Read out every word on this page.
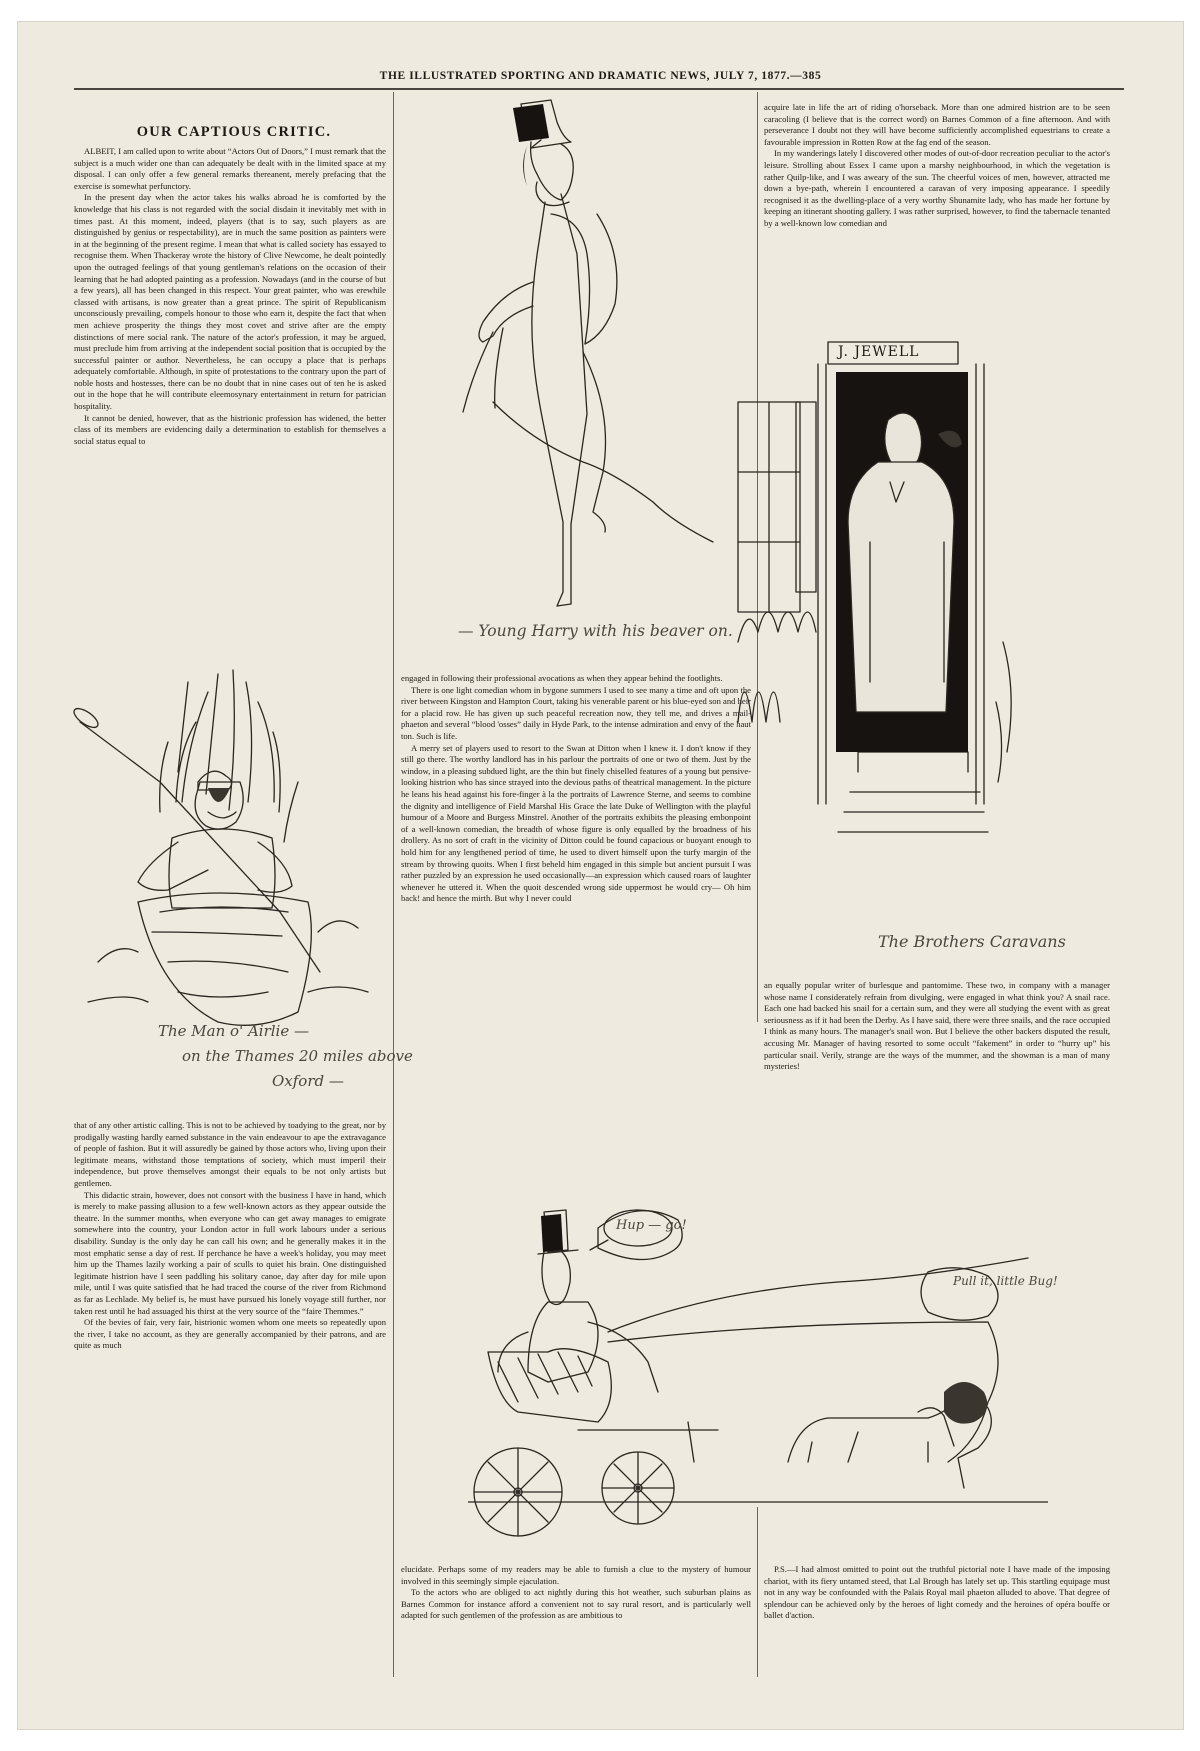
THE ILLUSTRATED SPORTING AND DRAMATIC NEWS, JULY 7, 1877.—385
OUR CAPTIOUS CRITIC.

ALBEIT, I am called upon to write about “Actors Out of Doors,” I must remark that the subject is a much wider one than can adequately be dealt with in the limited space at my disposal. I can only offer a few general remarks thereanent, merely prefacing that the exercise is somewhat perfunctory.

In the present day when the actor takes his walks abroad he is comforted by the knowledge that his class is not regarded with the social disdain it inevitably met with in times past. At this moment, indeed, players (that is to say, such players as are distinguished by genius or respectability), are in much the same position as painters were in at the beginning of the present regime. I mean that what is called society has essayed to recognise them. When Thackeray wrote the history of Clive Newcome, he dealt pointedly upon the outraged feelings of that young gentleman's relations on the occasion of their learning that he had adopted painting as a profession. Nowadays (and in the course of but a few years), all has been changed in this respect. Your great painter, who was erewhile classed with artisans, is now greater than a great prince. The spirit of Republicanism unconsciously prevailing, compels honour to those who earn it, despite the fact that when men achieve prosperity the things they most covet and strive after are the empty distinctions of mere social rank. The nature of the actor's profession, it may be argued, must preclude him from arriving at the independent social position that is occupied by the successful painter or author. Nevertheless, he can occupy a place that is perhaps adequately comfortable. Although, in spite of protestations to the contrary upon the part of noble hosts and hostesses, there can be no doubt that in nine cases out of ten he is asked out in the hope that he will contribute eleemosynary entertainment in return for patrician hospitality.

It cannot be denied, however, that as the histrionic profession has widened, the better class of its members are evidencing daily a determination to establish for themselves a social status equal to

The Man o' Airlie —
on the Thames 20 miles above
Oxford —

that of any other artistic calling. This is not to be achieved by toadying to the great, nor by prodigally wasting hardly earned substance in the vain endeavour to ape the extravagance of people of fashion. But it will assuredly be gained by those actors who, living upon their legitimate means, withstand those temptations of society, which must imperil their independence, but prove themselves amongst their equals to be not only artists but gentlemen.

This didactic strain, however, does not consort with the business I have in hand, which is merely to make passing allusion to a few well-known actors as they appear outside the theatre. In the summer months, when everyone who can get away manages to emigrate somewhere into the country, your London actor in full work labours under a serious disability. Sunday is the only day he can call his own; and he generally makes it in the most emphatic sense a day of rest. If perchance he have a week's holiday, you may meet him up the Thames lazily working a pair of sculls to quiet his brain. One distinguished legitimate histrion have I seen paddling his solitary canoe, day after day for mile upon mile, until I was quite satisfied that he had traced the course of the river from Richmond as far as Lechlade. My belief is, he must have pursued his lonely voyage still further, nor taken rest until he had assuaged his thirst at the very source of the “faire Themmes.”

Of the bevies of fair, very fair, histrionic women whom one meets so repeatedly upon the river, I take no account, as they are generally accompanied by their patrons, and are quite as much

— Young Harry with his beaver on.

engaged in following their professional avocations as when they appear behind the footlights.

There is one light comedian whom in bygone summers I used to see many a time and oft upon the river between Kingston and Hampton Court, taking his venerable parent or his blue-eyed son and heir for a placid row. He has given up such peaceful recreation now, they tell me, and drives a mail-phaeton and several “blood 'osses” daily in Hyde Park, to the intense admiration and envy of the haut ton. Such is life.

A merry set of players used to resort to the Swan at Ditton when I knew it. I don't know if they still go there. The worthy landlord has in his parlour the portraits of one or two of them. Just by the window, in a pleasing subdued light, are the thin but finely chiselled features of a young but pensive-looking histrion who has since strayed into the devious paths of theatrical management. In the picture he leans his head against his fore-finger à la the portraits of Lawrence Sterne, and seems to combine the dignity and intelligence of Field Marshal His Grace the late Duke of Wellington with the playful humour of a Moore and Burgess Minstrel. Another of the portraits exhibits the pleasing embonpoint of a well-known comedian, the breadth of whose figure is only equalled by the broadness of his drollery. As no sort of craft in the vicinity of Ditton could be found capacious or buoyant enough to hold him for any lengthened period of time, he used to divert himself upon the turfy margin of the stream by throwing quoits. When I first beheld him engaged in this simple but ancient pursuit I was rather puzzled by an expression he used occasionally—an expression which caused roars of laughter whenever he uttered it. When the quoit descended wrong side uppermost he would cry— Oh him back! and hence the mirth. But why I never could

acquire late in life the art of riding o'horseback. More than one admired histrion are to be seen caracoling (I believe that is the correct word) on Barnes Common of a fine afternoon. And with perseverance I doubt not they will have become sufficiently accomplished equestrians to create a favourable impression in Rotten Row at the fag end of the season.

In my wanderings lately I discovered other modes of out-of-door recreation peculiar to the actor's leisure. Strolling about Essex I came upon a marshy neighbourhood, in which the vegetation is rather Quilp-like, and I was aweary of the sun. The cheerful voices of men, however, attracted me down a bye-path, wherein I encountered a caravan of very imposing appearance. I speedily recognised it as the dwelling-place of a very worthy Shunamite lady, who has made her fortune by keeping an itinerant shooting gallery. I was rather surprised, however, to find the tabernacle tenanted by a well-known low comedian and

J. JEWELL
The Brothers Caravans

an equally popular writer of burlesque and pantomime. These two, in company with a manager whose name I considerately refrain from divulging, were engaged in what think you? A snail race. Each one had backed his snail for a certain sum, and they were all studying the event with as great seriousness as if it had been the Derby. As I have said, there were three snails, and the race occupied I think as many hours. The manager's snail won. But I believe the other backers disputed the result, accusing Mr. Manager of having resorted to some occult “fakement” in order to “hurry up” his particular snail. Verily, strange are the ways of the mummer, and the showman is a man of many mysteries!

Hup — go!
Pull it, little Bug!

elucidate. Perhaps some of my readers may be able to furnish a clue to the mystery of humour involved in this seemingly simple ejaculation.

To the actors who are obliged to act nightly during this hot weather, such suburban plains as Barnes Common for instance afford a convenient not to say rural resort, and is particularly well adapted for such gentlemen of the profession as are ambitious to

P.S.—I had almost omitted to point out the truthful pictorial note I have made of the imposing chariot, with its fiery untamed steed, that Lal Brough has lately set up. This startling equipage must not in any way be confounded with the Palais Royal mail phaeton alluded to above. That degree of splendour can be achieved only by the heroes of light comedy and the heroines of opéra bouffe or ballet d'action.
